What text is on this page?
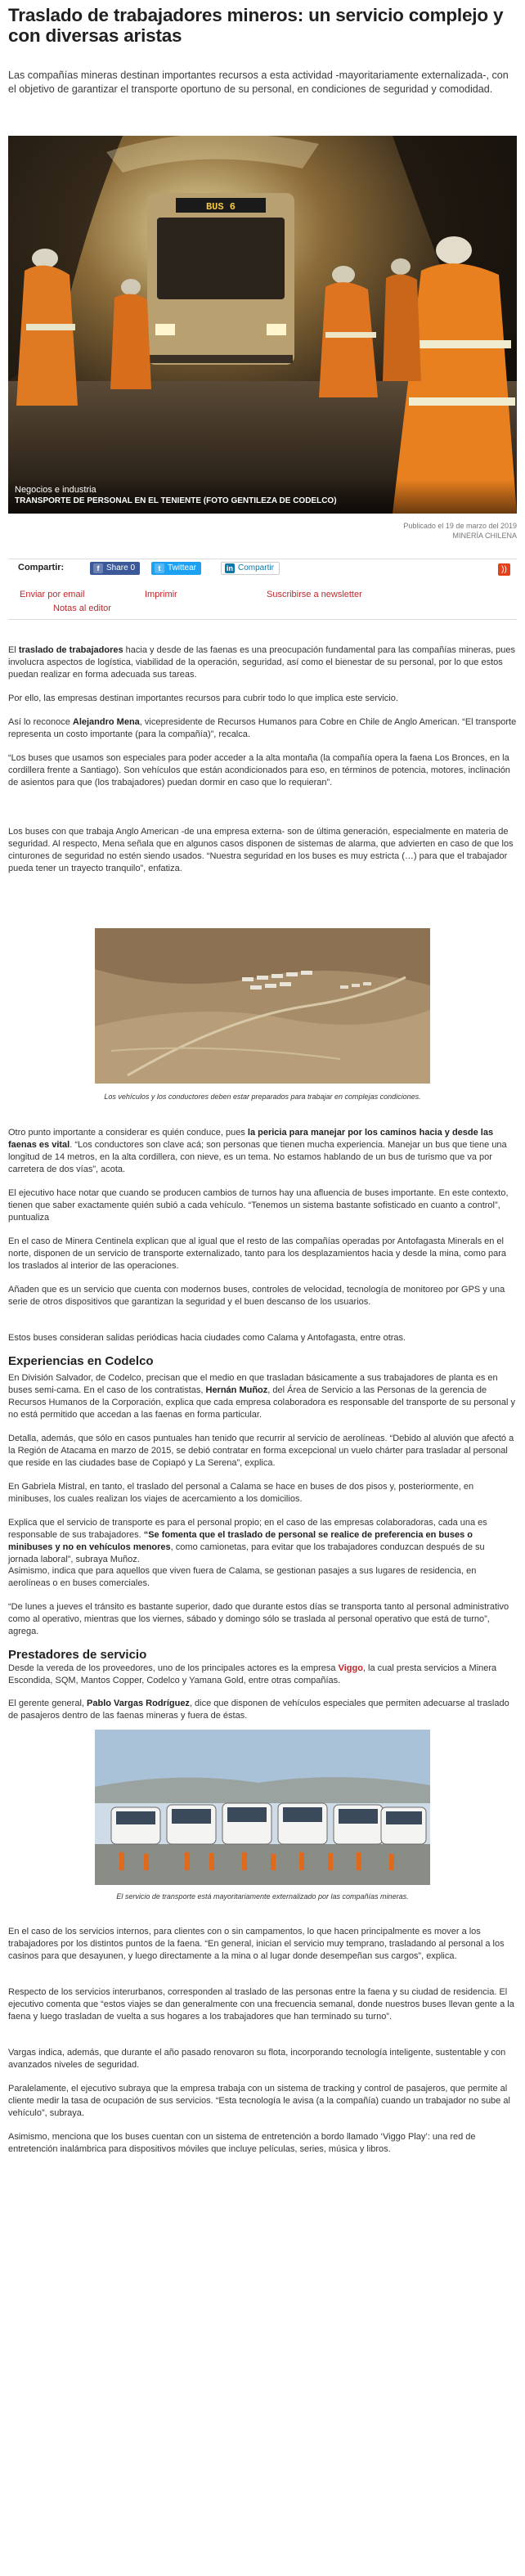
Traslado de trabajadores mineros: un servicio complejo y con diversas aristas

Las compañías mineras destinan importantes recursos a esta actividad -mayoritariamente externalizada-, con el objetivo de garantizar el transporte oportuno de su personal, en condiciones de seguridad y comodidad.

BUS 6
Negocios e industria
TRANSPORTE DE PERSONAL EN EL TENIENTE (FOTO GENTILEZA DE CODELCO)
Publicado el 19 de marzo del 2019
MINERÍA CHILENA
Compartir:	f Share 0	t Twittear	in Compartir	))
Enviar por email	Imprimir	Suscribirse a newsletter
Notas al editor

El traslado de trabajadores hacia y desde de las faenas es una preocupación fundamental para las compañías mineras, pues involucra aspectos de logística, viabilidad de la operación, seguridad, así como el bienestar de su personal, por lo que estos puedan realizar en forma adecuada sus tareas.

Por ello, las empresas destinan importantes recursos para cubrir todo lo que implica este servicio.

Así lo reconoce Alejandro Mena, vicepresidente de Recursos Humanos para Cobre en Chile de Anglo American. “El transporte representa un costo importante (para la compañía)”, recalca.

“Los buses que usamos son especiales para poder acceder a la alta montaña (la compañía opera la faena Los Bronces, en la cordillera frente a Santiago). Son vehículos que están acondicionados para eso, en términos de potencia, motores, inclinación de asientos para que (los trabajadores) puedan dormir en caso que lo requieran”.

Los buses con que trabaja Anglo American -de una empresa externa- son de última generación, especialmente en materia de seguridad. Al respecto, Mena señala que en algunos casos disponen de sistemas de alarma, que advierten en caso de que los cinturones de seguridad no estén siendo usados. “Nuestra seguridad en los buses es muy estricta (…) para que el trabajador pueda tener un trayecto tranquilo”, enfatiza.

Los vehículos y los conductores deben estar preparados para trabajar en complejas condiciones.

Otro punto importante a considerar es quién conduce, pues la pericia para manejar por los caminos hacia y desde las faenas es vital. “Los conductores son clave acá; son personas que tienen mucha experiencia. Manejar un bus que tiene una longitud de 14 metros, en la alta cordillera, con nieve, es un tema. No estamos hablando de un bus de turismo que va por carretera de dos vías”, acota.

El ejecutivo hace notar que cuando se producen cambios de turnos hay una afluencia de buses importante. En este contexto, tienen que saber exactamente quién subió a cada vehículo. “Tenemos un sistema bastante sofisticado en cuanto a control”, puntualiza

En el caso de Minera Centinela explican que al igual que el resto de las compañías operadas por Antofagasta Minerals en el norte, disponen de un servicio de transporte externalizado, tanto para los desplazamientos hacia y desde la mina, como para los traslados al interior de las operaciones.

Añaden que es un servicio que cuenta con modernos buses, controles de velocidad, tecnología de monitoreo por GPS y una serie de otros dispositivos que garantizan la seguridad y el buen descanso de los usuarios.

Estos buses consideran salidas periódicas hacia ciudades como Calama y Antofagasta, entre otras.

Experiencias en Codelco

En División Salvador, de Codelco, precisan que el medio en que trasladan básicamente a sus trabajadores de planta es en buses semi-cama. En el caso de los contratistas, Hernán Muñoz, del Área de Servicio a las Personas de la gerencia de Recursos Humanos de la Corporación, explica que cada empresa colaboradora es responsable del transporte de su personal y no está permitido que accedan a las faenas en forma particular.

Detalla, además, que sólo en casos puntuales han tenido que recurrir al servicio de aerolíneas. “Debido al aluvión que afectó a la Región de Atacama en marzo de 2015, se debió contratar en forma excepcional un vuelo chárter para trasladar al personal que reside en las ciudades base de Copiapó y La Serena”, explica.

En Gabriela Mistral, en tanto, el traslado del personal a Calama se hace en buses de dos pisos y, posteriormente, en minibuses, los cuales realizan los viajes de acercamiento a los domicilios.

Explica que el servicio de transporte es para el personal propio; en el caso de las empresas colaboradoras, cada una es responsable de sus trabajadores. “Se fomenta que el traslado de personal se realice de preferencia en buses o minibuses y no en vehículos menores, como camionetas, para evitar que los trabajadores conduzcan después de su jornada laboral”, subraya Muñoz.

Asimismo, indica que para aquellos que viven fuera de Calama, se gestionan pasajes a sus lugares de residencia, en aerolíneas o en buses comerciales.

“De lunes a jueves el tránsito es bastante superior, dado que durante estos días se transporta tanto al personal administrativo como al operativo, mientras que los viernes, sábado y domingo sólo se traslada al personal operativo que está de turno”, agrega.

Prestadores de servicio

Desde la vereda de los proveedores, uno de los principales actores es la empresa Viggo, la cual presta servicios a Minera Escondida, SQM, Mantos Copper, Codelco y Yamana Gold, entre otras compañías.

El gerente general, Pablo Vargas Rodríguez, dice que disponen de vehículos especiales que permiten adecuarse al traslado de pasajeros dentro de las faenas mineras y fuera de éstas.

El servicio de transporte está mayoritariamente externalizado por las compañías mineras.

En el caso de los servicios internos, para clientes con o sin campamentos, lo que hacen principalmente es mover a los trabajadores por los distintos puntos de la faena. “En general, inician el servicio muy temprano, trasladando al personal a los casinos para que desayunen, y luego directamente a la mina o al lugar donde desempeñan sus cargos”, explica.

Respecto de los servicios interurbanos, corresponden al traslado de las personas entre la faena y su ciudad de residencia. El ejecutivo comenta que “estos viajes se dan generalmente con una frecuencia semanal, donde nuestros buses llevan gente a la faena y luego trasladan de vuelta a sus hogares a los trabajadores que han terminado su turno”.

Vargas indica, además, que durante el año pasado renovaron su flota, incorporando tecnología inteligente, sustentable y con avanzados niveles de seguridad.

Paralelamente, el ejecutivo subraya que la empresa trabaja con un sistema de tracking y control de pasajeros, que permite al cliente medir la tasa de ocupación de sus servicios. “Esta tecnología le avisa (a la compañía) cuando un trabajador no sube al vehículo”, subraya.

Asimismo, menciona que los buses cuentan con un sistema de entretención a bordo llamado ‘Viggo Play’: una red de entretención inalámbrica para dispositivos móviles que incluye películas, series, música y libros.
